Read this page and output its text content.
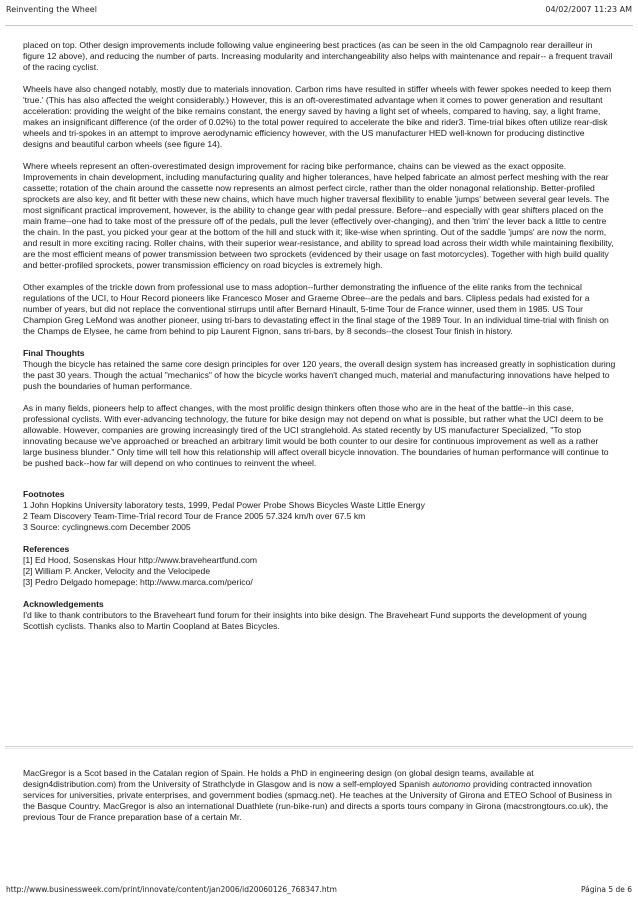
Reinventing the Wheel	04/02/2007 11:23 AM

placed on top. Other design improvements include following value engineering best practices (as can be seen in the old Campagnolo rear derailleur in figure 12 above), and reducing the number of parts. Increasing modularity and interchangeability also helps with maintenance and repair-- a frequent travail of the racing cyclist.

Wheels have also changed notably, mostly due to materials innovation. Carbon rims have resulted in stiffer wheels with fewer spokes needed to keep them 'true.' (This has also affected the weight considerably.) However, this is an oft-overestimated advantage when it comes to power generation and resultant acceleration: providing the weight of the bike remains constant, the energy saved by having a light set of wheels, compared to having, say, a light frame, makes an insignificant difference (of the order of 0.02%) to the total power required to accelerate the bike and rider3. Time-trial bikes often utilize rear-disk wheels and tri-spokes in an attempt to improve aerodynamic efficiency however, with the US manufacturer HED well-known for producing distinctive designs and beautiful carbon wheels (see figure 14).

Where wheels represent an often-overestimated design improvement for racing bike performance, chains can be viewed as the exact opposite. Improvements in chain development, including manufacturing quality and higher tolerances, have helped fabricate an almost perfect meshing with the rear cassette; rotation of the chain around the cassette now represents an almost perfect circle, rather than the older nonagonal relationship. Better-profiled sprockets are also key, and fit better with these new chains, which have much higher traversal flexibility to enable 'jumps' between several gear levels. The most significant practical improvement, however, is the ability to change gear with pedal pressure. Before--and especially with gear shifters placed on the main frame--one had to take most of the pressure off of the pedals, pull the lever (effectively over-changing), and then 'trim' the lever back a little to centre the chain. In the past, you picked your gear at the bottom of the hill and stuck with it; like-wise when sprinting. Out of the saddle 'jumps' are now the norm, and result in more exciting racing. Roller chains, with their superior wear-resistance, and ability to spread load across their width while maintaining flexibility, are the most efficient means of power transmission between two sprockets (evidenced by their usage on fast motorcycles). Together with high build quality and better-profiled sprockets, power transmission efficiency on road bicycles is extremely high.

Other examples of the trickle down from professional use to mass adoption--further demonstrating the influence of the elite ranks from the technical regulations of the UCI, to Hour Record pioneers like Francesco Moser and Graeme Obree--are the pedals and bars. Clipless pedals had existed for a number of years, but did not replace the conventional stirrups until after Bernard Hinault, 5-time Tour de France winner, used them in 1985. US Tour Champion Greg LeMond was another pioneer, using tri-bars to devastating effect in the final stage of the 1989 Tour. In an individual time-trial with finish on the Champs de Elysee, he came from behind to pip Laurent Fignon, sans tri-bars, by 8 seconds--the closest Tour finish in history.

Final Thoughts

Though the bicycle has retained the same core design principles for over 120 years, the overall design system has increased greatly in sophistication during the past 30 years. Though the actual "mechanics" of how the bicycle works haven't changed much, material and manufacturing innovations have helped to push the boundaries of human performance.

As in many fields, pioneers help to affect changes, with the most prolific design thinkers often those who are in the heat of the battle--in this case, professional cyclists. With ever-advancing technology, the future for bike design may not depend on what is possible, but rather what the UCI deem to be allowable. However, companies are growing increasingly tired of the UCI stranglehold. As stated recently by US manufacturer Specialized, "To stop innovating because we've approached or breached an arbitrary limit would be both counter to our desire for continuous improvement as well as a rather large business blunder." Only time will tell how this relationship will affect overall bicycle innovation. The boundaries of human performance will continue to be pushed back--how far will depend on who continues to reinvent the wheel.

Footnotes
1 John Hopkins University laboratory tests, 1999, Pedal Power Probe Shows Bicycles Waste Little Energy
2 Team Discovery Team-Time-Trial record Tour de France 2005 57.324 km/h over 67.5 km
3 Source: cyclingnews.com December 2005
References
[1] Ed Hood, Sosenskas Hour http://www.braveheartfund.com
[2] William P. Ancker, Velocity and the Velocipede
[3] Pedro Delgado homepage: http://www.marca.com/perico/
Acknowledgements

I'd like to thank contributors to the Braveheart fund forum for their insights into bike design. The Braveheart Fund supports the development of young Scottish cyclists. Thanks also to Martin Coopland at Bates Bicycles.

MacGregor is a Scot based in the Catalan region of Spain. He holds a PhD in engineering design (on global design teams, available at design4distribution.com) from the University of Strathclyde in Glasgow and is now a self-employed Spanish autonomo providing contracted innovation services for universities, private enterprises, and government bodies (spmacg.net). He teaches at the University of Girona and ETEO School of Business in the Basque Country. MacGregor is also an international Duathlete (run-bike-run) and directs a sports tours company in Girona (macstrongtours.co.uk), the previous Tour de France preparation base of a certain Mr.

http://www.businessweek.com/print/innovate/content/jan2006/id20060126_768347.htm	Página 5 de 6
